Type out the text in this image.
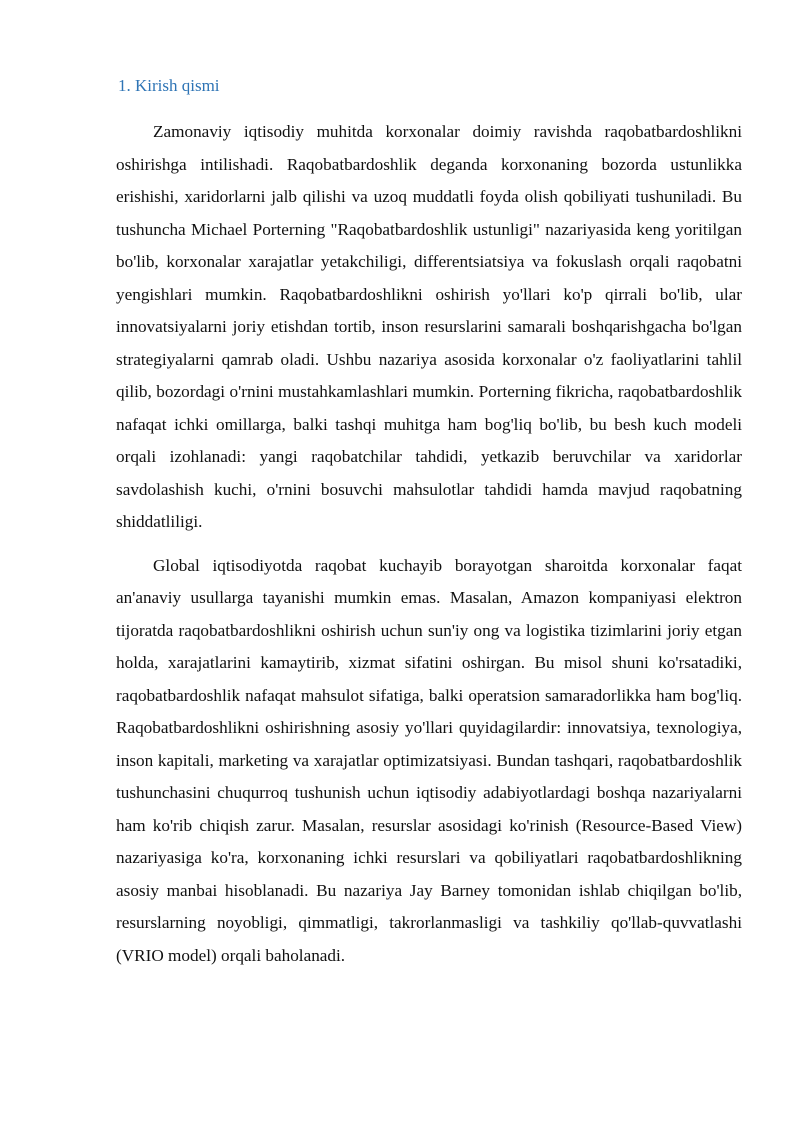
1. Kirish qismi

Zamonaviy iqtisodiy muhitda korxonalar doimiy ravishda raqobatbardoshlikni oshirishga intilishadi. Raqobatbardoshlik deganda korxonaning bozorda ustunlikka erishishi, xaridorlarni jalb qilishi va uzoq muddatli foyda olish qobiliyati tushuniladi. Bu tushuncha Michael Porterning "Raqobatbardoshlik ustunligi" nazariyasida keng yoritilgan bo'lib, korxonalar xarajatlar yetakchiligi, differentsiatsiya va fokuslash orqali raqobatni yengishlari mumkin. Raqobatbardoshlikni oshirish yo'llari ko'p qirrali bo'lib, ular innovatsiyalarni joriy etishdan tortib, inson resurslarini samarali boshqarishgacha bo'lgan strategiyalarni qamrab oladi. Ushbu nazariya asosida korxonalar o'z faoliyatlarini tahlil qilib, bozordagi o'rnini mustahkamlashlari mumkin. Porterning fikricha, raqobatbardoshlik nafaqat ichki omillarga, balki tashqi muhitga ham bog'liq bo'lib, bu besh kuch modeli orqali izohlanadi: yangi raqobatchilar tahdidi, yetkazib beruvchilar va xaridorlar savdolashish kuchi, o'rnini bosuvchi mahsulotlar tahdidi hamda mavjud raqobatning shiddatliligi.

Global iqtisodiyotda raqobat kuchayib borayotgan sharoitda korxonalar faqat an'anaviy usullarga tayanishi mumkin emas. Masalan, Amazon kompaniyasi elektron tijoratda raqobatbardoshlikni oshirish uchun sun'iy ong va logistika tizimlarini joriy etgan holda, xarajatlarini kamaytirib, xizmat sifatini oshirgan. Bu misol shuni ko'rsatadiki, raqobatbardoshlik nafaqat mahsulot sifatiga, balki operatsion samaradorlikka ham bog'liq. Raqobatbardoshlikni oshirishning asosiy yo'llari quyidagilardir: innovatsiya, texnologiya, inson kapitali, marketing va xarajatlar optimizatsiyasi. Bundan tashqari, raqobatbardoshlik tushunchasini chuqurroq tushunish uchun iqtisodiy adabiyotlardagi boshqa nazariyalarni ham ko'rib chiqish zarur. Masalan, resurslar asosidagi ko'rinish (Resource-Based View) nazariyasiga ko'ra, korxonaning ichki resurslari va qobiliyatlari raqobatbardoshlikning asosiy manbai hisoblanadi. Bu nazariya Jay Barney tomonidan ishlab chiqilgan bo'lib, resurslarning noyobligi, qimmatligi, takrorlanmasligi va tashkiliy qo'llab-quvvatlashi (VRIO model) orqali baholanadi.
